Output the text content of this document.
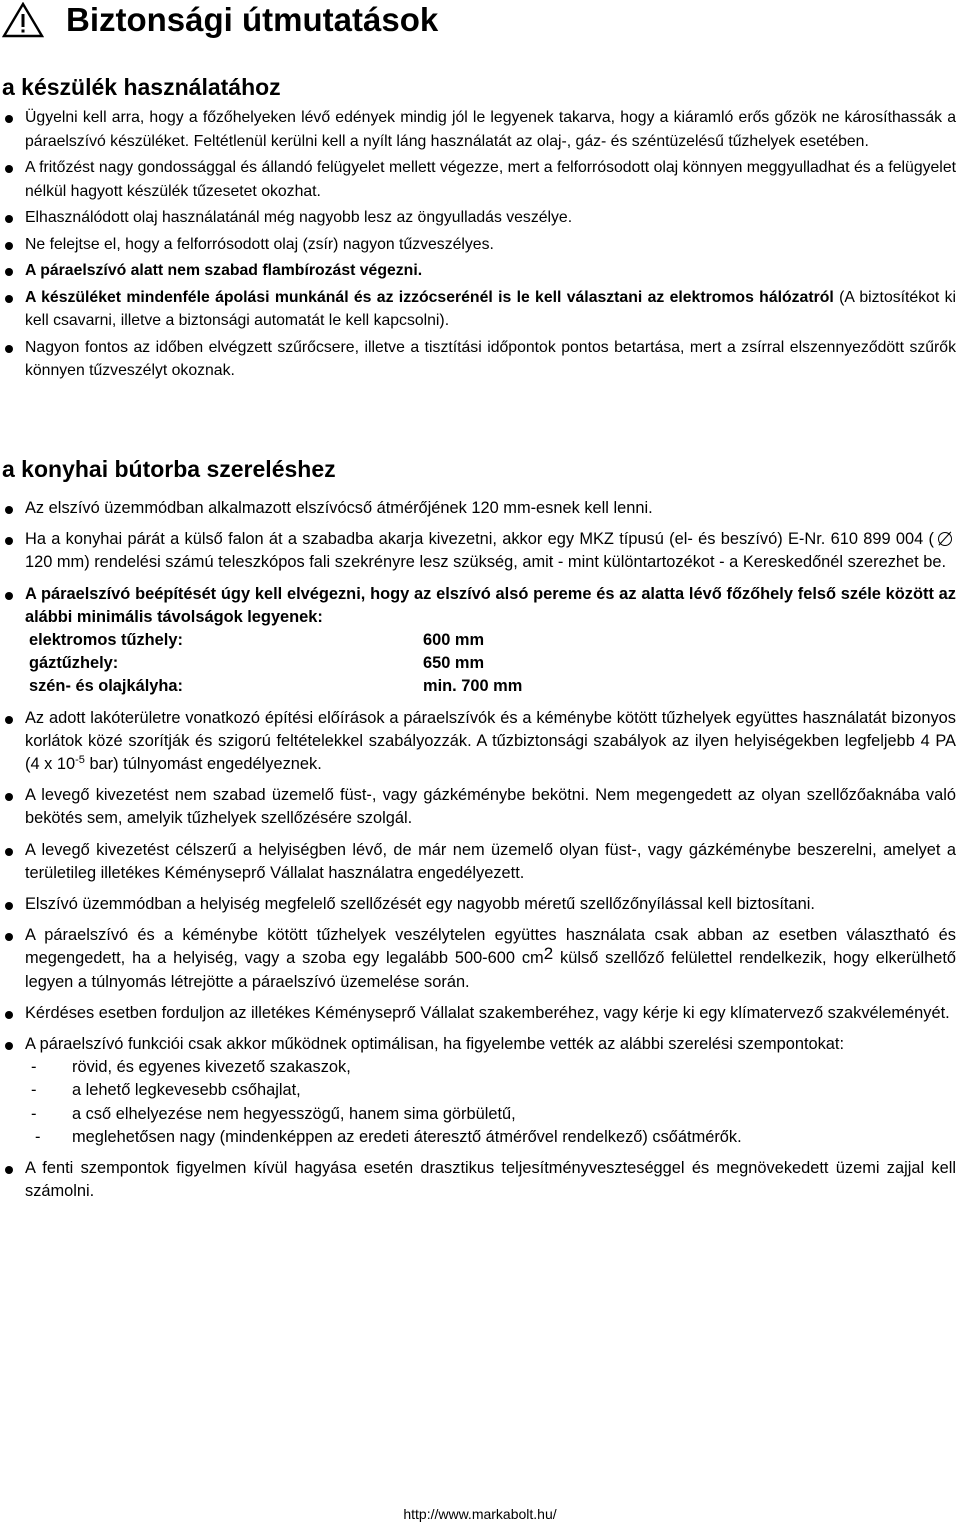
Biztonsági útmutatások
a készülék használatához
Ügyelni kell arra, hogy a főzőhelyeken lévő edények mindig jól le legyenek takarva, hogy a kiáramló erős gőzök ne károsíthassák a páraelszívó készüléket. Feltétlenül kerülni kell a nyílt láng használatát az olaj-, gáz- és széntüzelésű tűzhelyek esetében.
A fritőzést nagy gondossággal és állandó felügyelet mellett végezze, mert a felforrósodott olaj könnyen meggyulladhat és a felügyelet nélkül hagyott készülék tűzesetet okozhat.
Elhasználódott olaj használatánál még nagyobb lesz az öngyulladás veszélye.
Ne felejtse el, hogy a felforrósodott olaj (zsír) nagyon tűzveszélyes.
A páraelszívó alatt nem szabad flambírozást végezni.
A készüléket mindenféle ápolási munkánál és az izzócserénél is le kell választani az elektromos hálózatról (A biztosítékot ki kell csavarni, illetve a biztonsági automatát le kell kapcsolni).
Nagyon fontos az időben elvégzett szűrőcsere, illetve a tisztítási időpontok pontos betartása, mert a zsírral elszennyeződött szűrők könnyen tűzveszélyt okoznak.
a konyhai bútorba szereléshez
Az elszívó üzemmódban alkalmazott elszívócső átmérőjének 120 mm-esnek kell lenni.
Ha a konyhai párát a külső falon át a szabadba akarja kivezetni, akkor egy MKZ típusú (el- és beszívó) E-Nr. 610 899 004 ( 120 mm) rendelési számú teleszkópos fali szekrényre lesz szükség, amit - mint különtartozékot - a Kereskedőnél szerezhet be.
A páraelszívó beépítését úgy kell elvégezni, hogy az elszívó alsó pereme és az alatta lévő főzőhely felső széle között az alábbi minimális távolságok legyenek:
elektromos tűzhely:	600 mm
gáztűzhely:	650 mm
szén- és olajkályha:	min. 700 mm
Az adott lakóterületre vonatkozó építési előírások a páraelszívók és a kéménybe kötött tűzhelyek együttes használatát bizonyos korlátok közé szorítják és szigorú feltételekkel szabályozzák. A tűzbiztonsági szabályok az ilyen helyiségekben legfeljebb 4 PA (4 x $10^{-5}$ bar) túlnyomást engedélyeznek.
A levegő kivezetést nem szabad üzemelő füst-, vagy gázkéménybe bekötni. Nem megengedett az olyan szellőzőaknába való bekötés sem, amelyik tűzhelyek szellőzésére szolgál.
A levegő kivezetést célszerű a helyiségben lévő, de már nem üzemelő olyan füst-, vagy gázkéménybe beszerelni, amelyet a területileg illetékes Kéményseprő Vállalat használatra engedélyezett.
Elszívó üzemmódban a helyiség megfelelő szellőzését egy nagyobb méretű szellőzőnyílással kell biztosítani.
A páraelszívó és a kéménybe kötött tűzhelyek veszélytelen együttes használata csak abban az esetben választható és megengedett, ha a helyiség, vagy a szoba egy legalább 500-600 $cm^2$ külső szellőző felülettel rendelkezik, hogy elkerülhető legyen a túlnyomás létrejötte a páraelszívó üzemelése során.
Kérdéses esetben forduljon az illetékes Kéményseprő Vállalat szakemberéhez, vagy kérje ki egy klímatervező szakvéleményét.
A páraelszívó funkciói csak akkor működnek optimálisan, ha figyelembe vették az alábbi szerelési szempontokat:
- rövid, és egyenes kivezető szakaszok,
- a lehető legkevesebb csőhajlat,
- a cső elhelyezése nem hegyesszögű, hanem sima görbületű,
- meglehetősen nagy (mindenképpen az eredeti áteresztő átmérővel rendelkező) csőátmérők.
A fenti szempontok figyelmen kívül hagyása esetén drasztikus teljesítményveszteséggel és megnövekedett üzemi zajjal kell számolni.
http://www.markabolt.hu/
